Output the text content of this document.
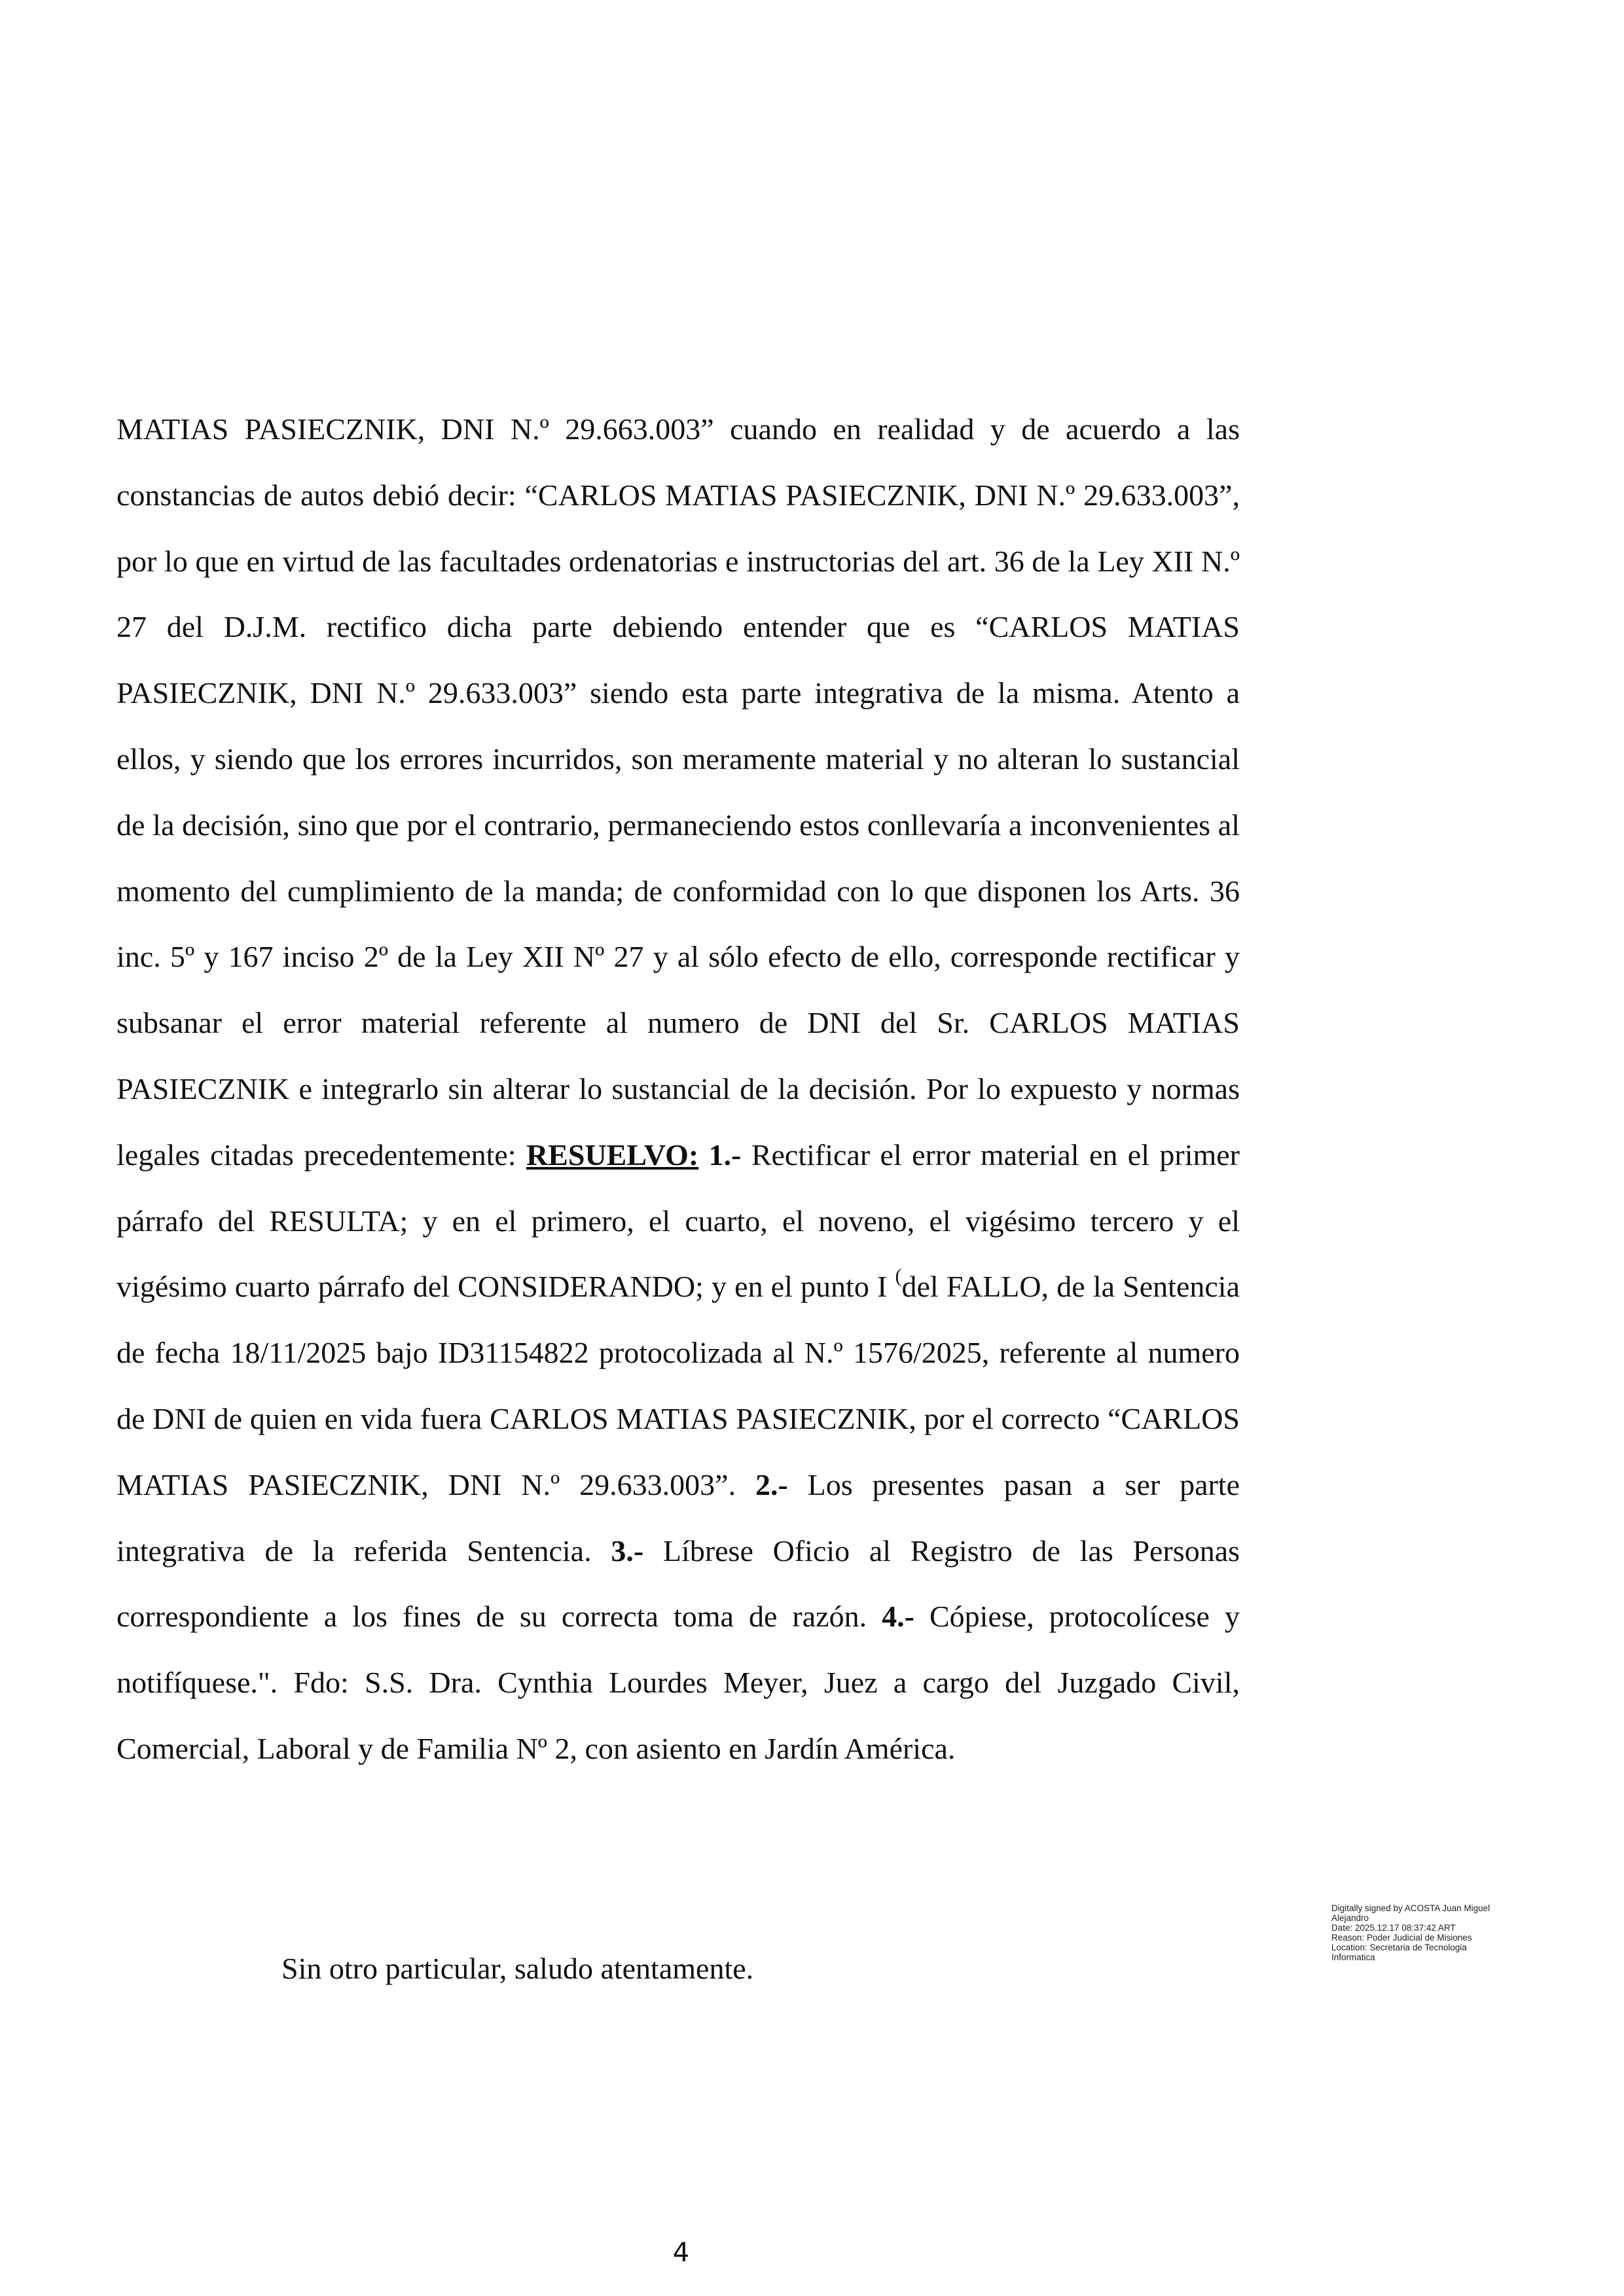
MATIAS PASIECZNIK, DNI N.º 29.663.003” cuando en realidad y de acuerdo a las constancias de autos debió decir: “CARLOS MATIAS PASIECZNIK, DNI N.º 29.633.003”, por lo que en virtud de las facultades ordenatorias e instructorias del art. 36 de la Ley XII N.º 27 del D.J.M. rectifico dicha parte debiendo entender que es “CARLOS MATIAS PASIECZNIK, DNI N.º 29.633.003” siendo esta parte integrativa de la misma. Atento a ellos, y siendo que los errores incurridos, son meramente material y no alteran lo sustancial de la decisión, sino que por el contrario, permaneciendo estos conllevaría a inconvenientes al momento del cumplimiento de la manda; de conformidad con lo que disponen los Arts. 36 inc. 5º y 167 inciso 2º de la Ley XII Nº 27 y al sólo efecto de ello, corresponde rectificar y subsanar el error material referente al numero de DNI del Sr. CARLOS MATIAS PASIECZNIK e integrarlo sin alterar lo sustancial de la decisión. Por lo expuesto y normas legales citadas precedentemente: RESUELVO: 1.- Rectificar el error material en el primer párrafo del RESULTA; y en el primero, el cuarto, el noveno, el vigésimo tercero y el vigésimo cuarto párrafo del CONSIDERANDO; y en el punto I (del FALLO, de la Sentencia de fecha 18/11/2025 bajo ID31154822 protocolizada al N.º 1576/2025, referente al numero de DNI de quien en vida fuera CARLOS MATIAS PASIECZNIK, por el correcto “CARLOS MATIAS PASIECZNIK, DNI N.º 29.633.003”. 2.- Los presentes pasan a ser parte integrativa de la referida Sentencia. 3.- Líbrese Oficio al Registro de las Personas correspondiente a los fines de su correcta toma de razón. 4.- Cópiese, protocolícese y notifíquese.". Fdo: S.S. Dra. Cynthia Lourdes Meyer, Juez a cargo del Juzgado Civil, Comercial, Laboral y de Familia Nº 2, con asiento en Jardín América.

Sin otro particular, saludo atentamente.
Digitally signed by ACOSTA Juan Miguel
Alejandro
Date: 2025.12.17 08:37:42 ART
Reason: Poder Judicial de Misiones
Location: Secretaria de Tecnologia
Informatica
4
